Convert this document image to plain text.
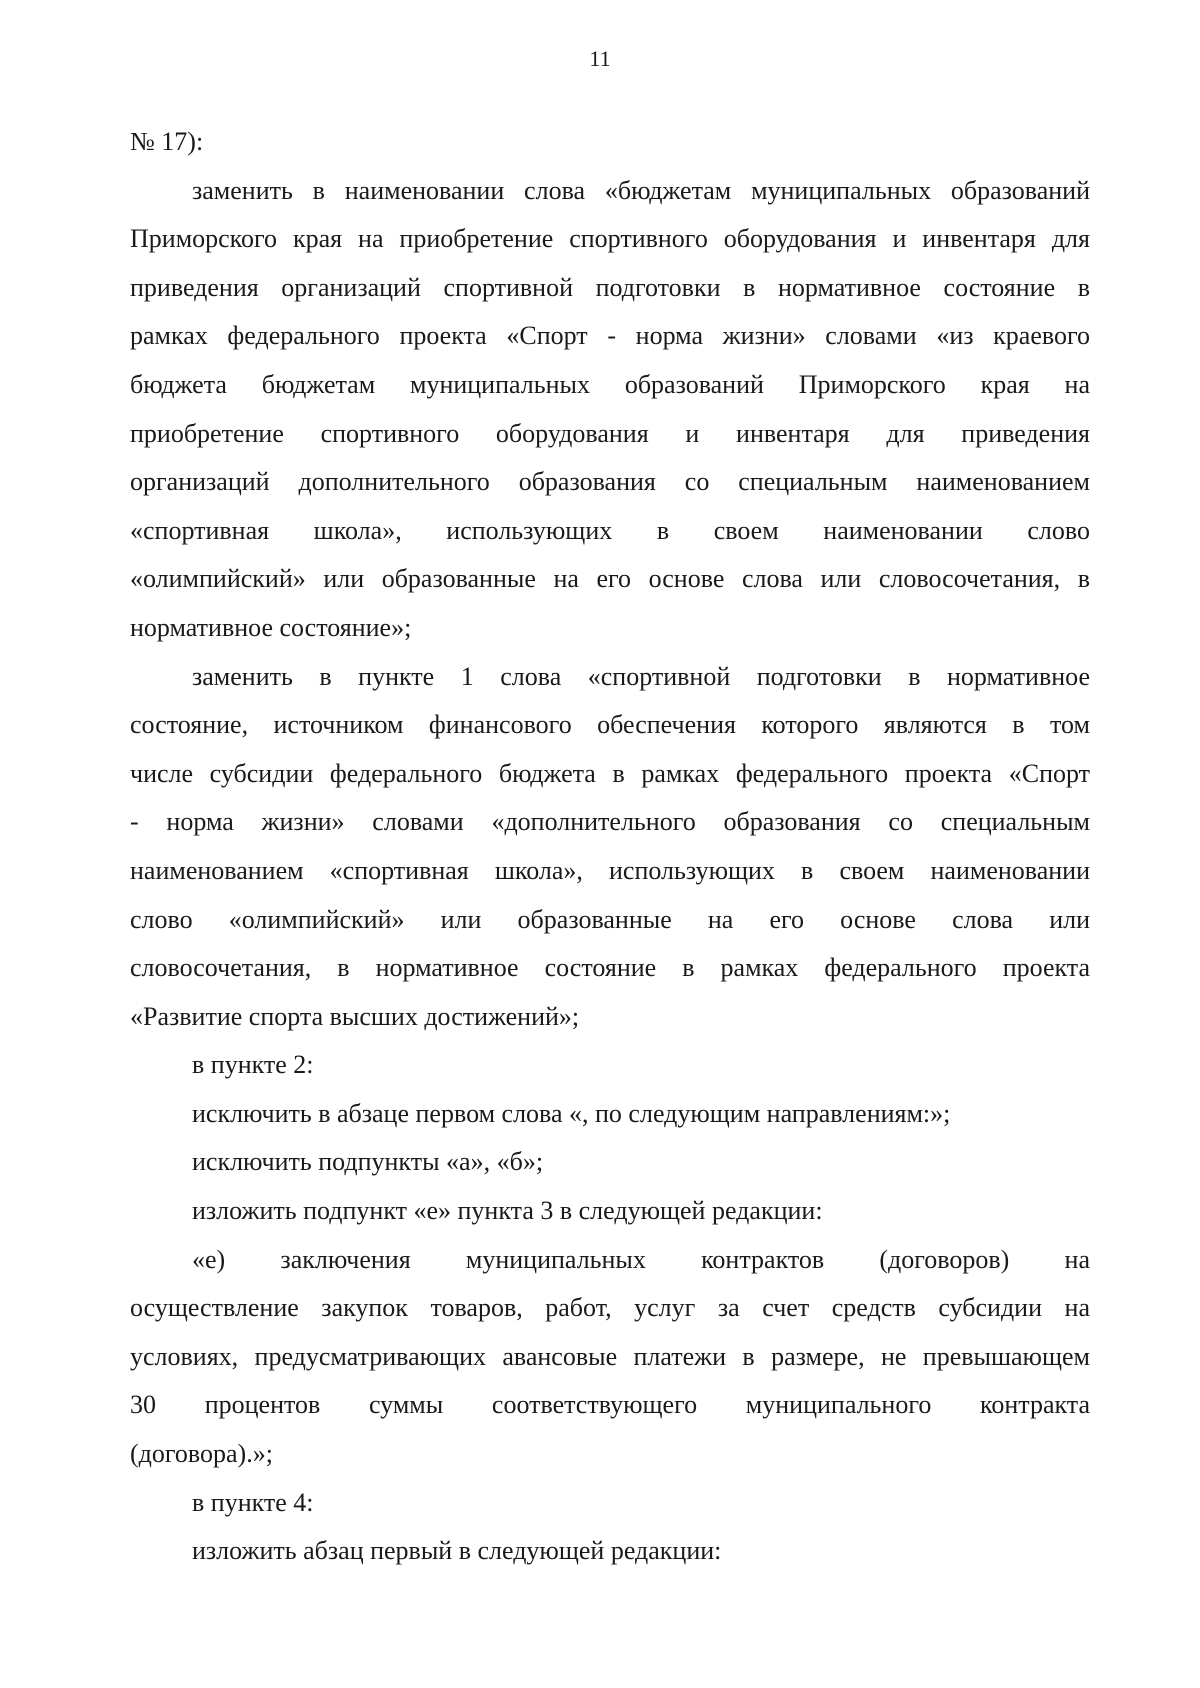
11
№ 17):
заменить в наименовании слова «бюджетам муниципальных образований
Приморского края на приобретение спортивного оборудования и инвентаря для
приведения организаций спортивной подготовки в нормативное состояние в
рамках федерального проекта «Спорт - норма жизни» словами «из краевого
бюджета бюджетам муниципальных образований Приморского края на
приобретение спортивного оборудования и инвентаря для приведения
организаций дополнительного образования со специальным наименованием
«спортивная школа», использующих в своем наименовании слово
«олимпийский» или образованные на его основе слова или словосочетания, в
нормативное состояние»;
заменить в пункте 1 слова «спортивной подготовки в нормативное
состояние, источником финансового обеспечения которого являются в том
числе субсидии федерального бюджета в рамках федерального проекта «Спорт
- норма жизни» словами «дополнительного образования со специальным
наименованием «спортивная школа», использующих в своем наименовании
слово «олимпийский» или образованные на его основе слова или
словосочетания, в нормативное состояние в рамках федерального проекта
«Развитие спорта высших достижений»;
в пункте 2:
исключить в абзаце первом слова «, по следующим направлениям:»;
исключить подпункты «а», «б»;
изложить подпункт «е» пункта 3 в следующей редакции:
«е) заключения муниципальных контрактов (договоров) на
осуществление закупок товаров, работ, услуг за счет средств субсидии на
условиях, предусматривающих авансовые платежи в размере, не превышающем
30 процентов суммы соответствующего муниципального контракта
(договора).»;
в пункте 4:
изложить абзац первый в следующей редакции:
